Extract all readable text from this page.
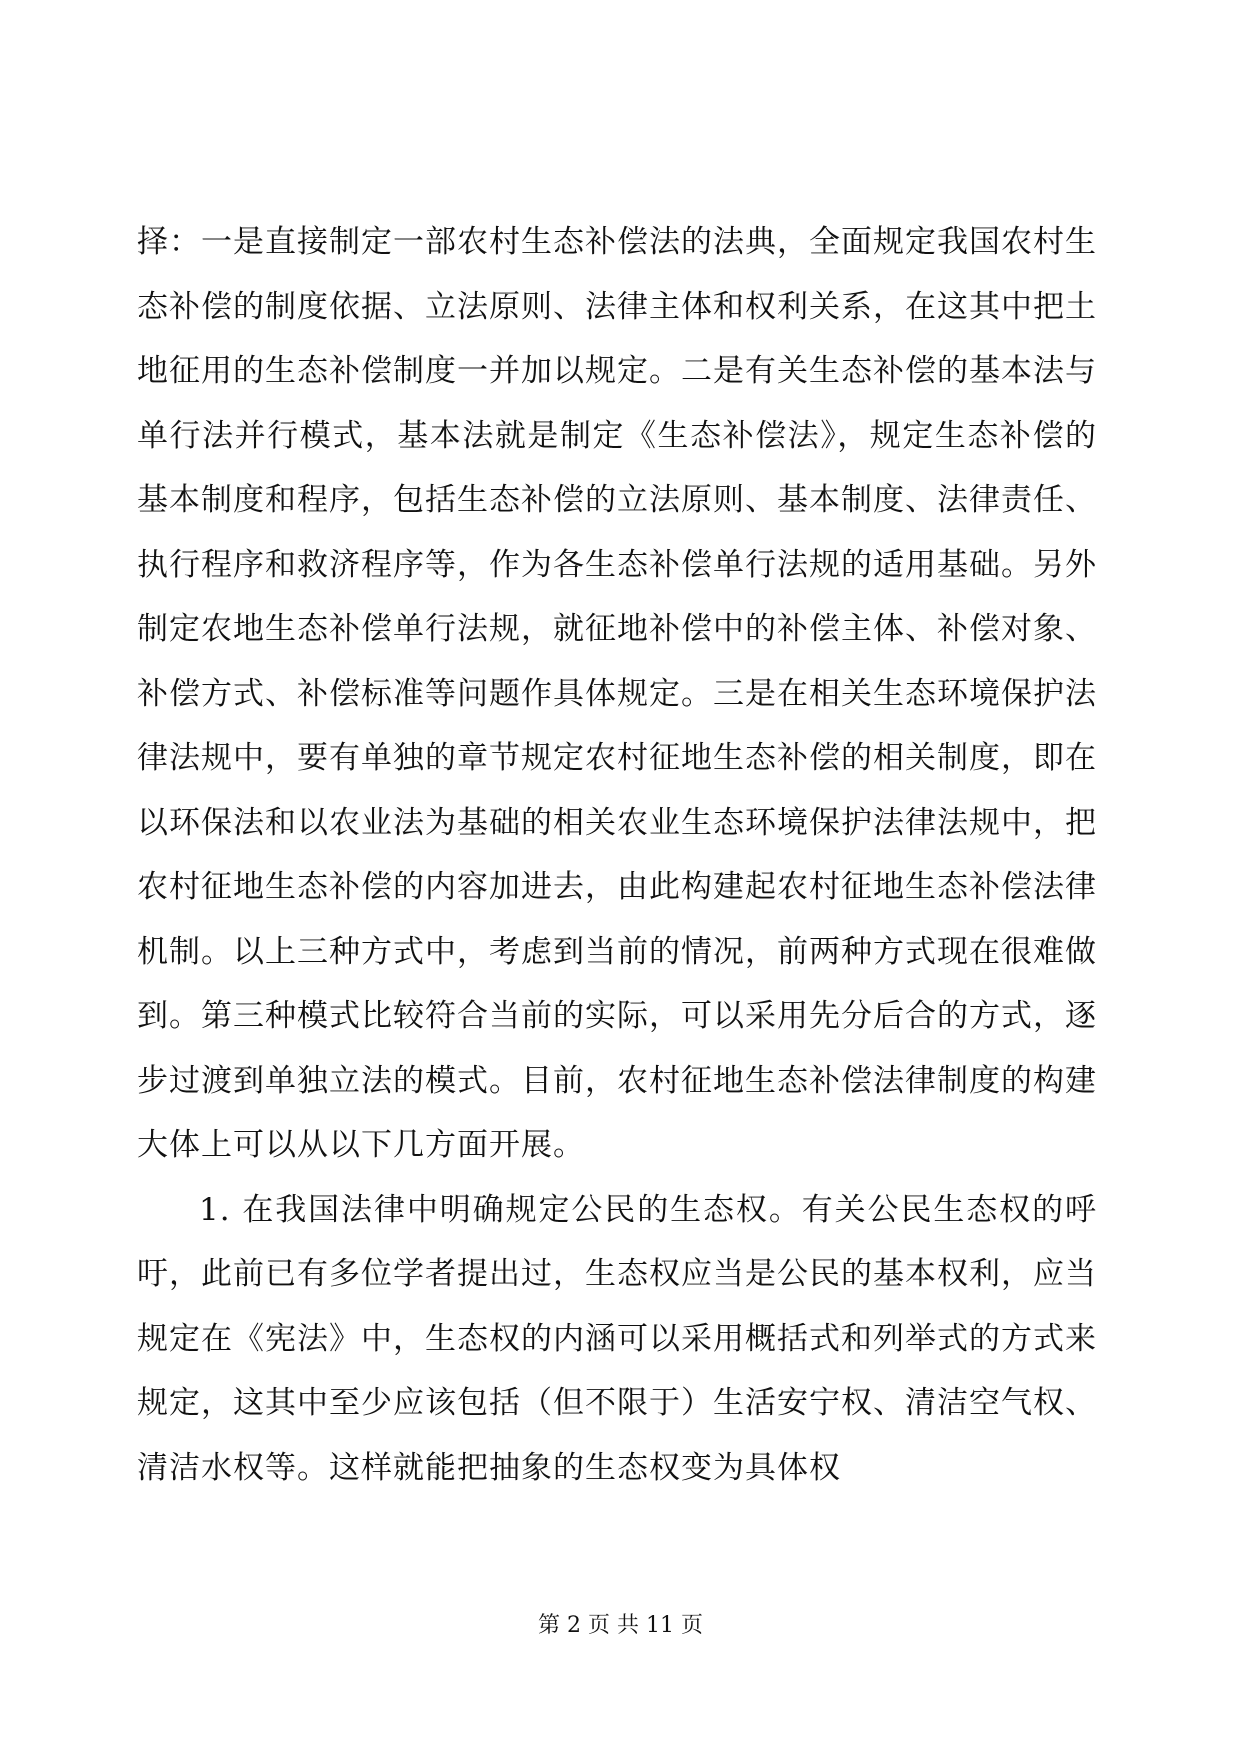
择：一是直接制定一部农村生态补偿法的法典，全面规定我国农村生态补偿的制度依据、立法原则、法律主体和权利关系，在这其中把土地征用的生态补偿制度一并加以规定。二是有关生态补偿的基本法与单行法并行模式，基本法就是制定《生态补偿法》，规定生态补偿的基本制度和程序，包括生态补偿的立法原则、基本制度、法律责任、执行程序和救济程序等，作为各生态补偿单行法规的适用基础。另外制定农地生态补偿单行法规，就征地补偿中的补偿主体、补偿对象、补偿方式、补偿标准等问题作具体规定。三是在相关生态环境保护法律法规中，要有单独的章节规定农村征地生态补偿的相关制度，即在以环保法和以农业法为基础的相关农业生态环境保护法律法规中，把农村征地生态补偿的内容加进去，由此构建起农村征地生态补偿法律机制。以上三种方式中，考虑到当前的情况，前两种方式现在很难做到。第三种模式比较符合当前的实际，可以采用先分后合的方式，逐步过渡到单独立法的模式。目前，农村征地生态补偿法律制度的构建大体上可以从以下几方面开展。

1. 在我国法律中明确规定公民的生态权。有关公民生态权的呼吁，此前已有多位学者提出过，生态权应当是公民的基本权利，应当规定在《宪法》中，生态权的内涵可以采用概括式和列举式的方式来规定，这其中至少应该包括（但不限于）生活安宁权、清洁空气权、清洁水权等。这样就能把抽象的生态权变为具体权

第 2 页 共 11 页
